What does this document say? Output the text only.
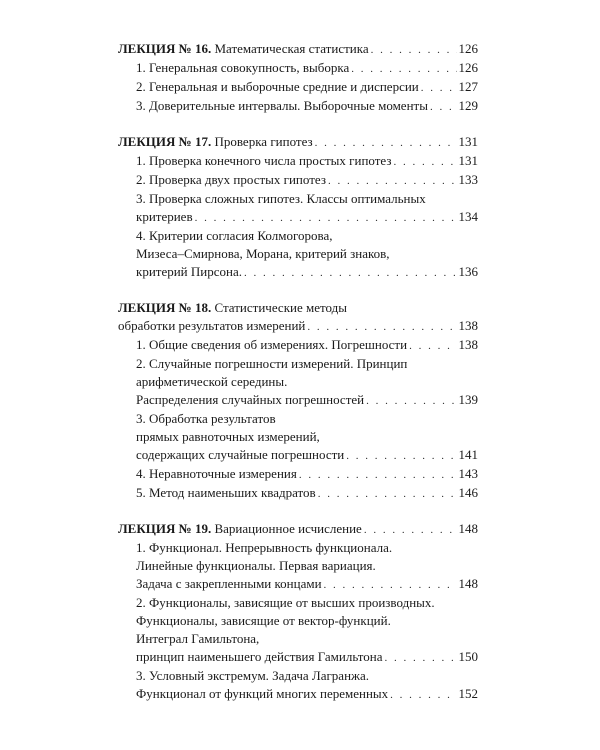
ЛЕКЦИЯ № 16. Математическая статистика . . .	126
1. Генеральная совокупность, выборка . . .	126
2. Генеральная и выборочные средние и дисперсии . . .	127
3. Доверительные интервалы. Выборочные моменты . . . 129
ЛЕКЦИЯ № 17. Проверка гипотез . . .	131
1. Проверка конечного числа простых гипотез . . .	131
2. Проверка двух простых гипотез . . .	133
3. Проверка сложных гипотез. Классы оптимальных
критериев . . .	134
4. Критерии согласия Колмогорова,
Мизеса–Смирнова, Морана, критерий знаков,
критерий Пирсона. . . .	136
ЛЕКЦИЯ № 18. Статистические методы
обработки результатов измерений . . .	138
1. Общие сведения об измерениях. Погрешности . . .	138
2. Случайные погрешности измерений. Принцип
арифметической середины.
Распределения случайных погрешностей . . .	139
3. Обработка результатов
прямых равноточных измерений,
содержащих случайные погрешности . . .	141
4. Неравноточные измерения . . .	143
5. Метод наименьших квадратов . . .	146
ЛЕКЦИЯ № 19. Вариационное исчисление . . .	148
1. Функционал. Непрерывность функционала.
Линейные функционалы. Первая вариация.
Задача с закрепленными концами . . .	148
2. Функционалы, зависящие от высших производных.
Функционалы, зависящие от вектор-функций.
Интеграл Гамильтона,
принцип наименьшего действия Гамильтона . . .	150
3. Условный экстремум. Задача Лагранжа.
Функционал от функций многих переменных . . .	152
